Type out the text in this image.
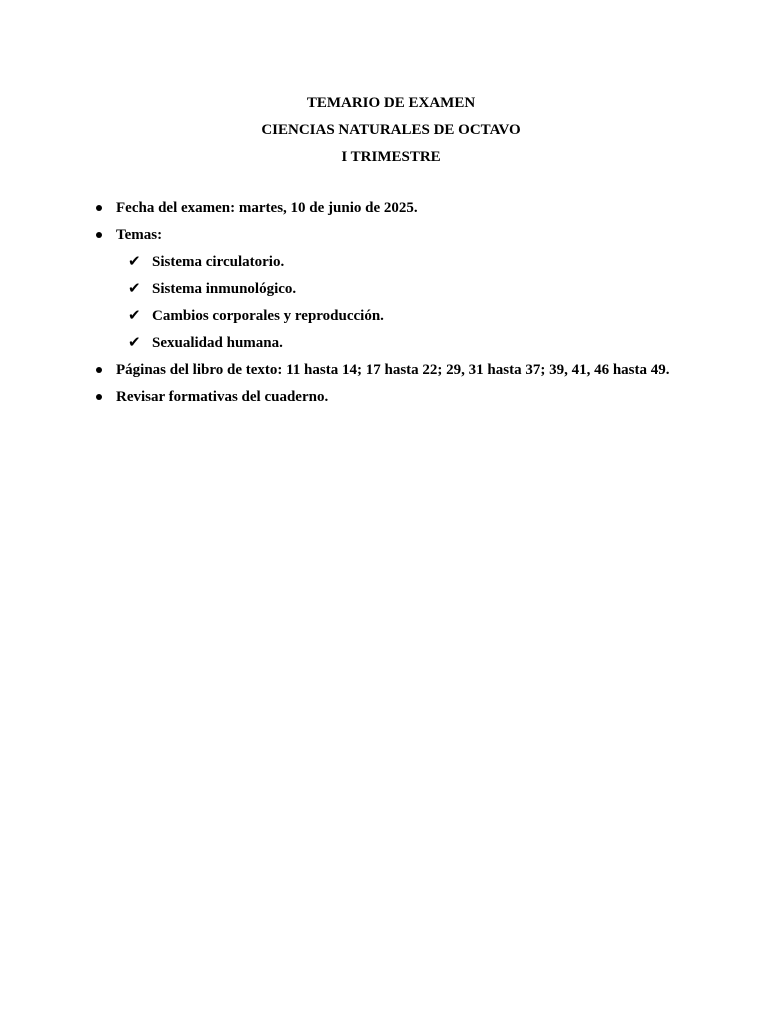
TEMARIO DE EXAMEN
CIENCIAS NATURALES DE OCTAVO
I TRIMESTRE
Fecha del examen: martes, 10 de junio de 2025.
Temas:
✔ Sistema circulatorio.
✔ Sistema inmunológico.
✔ Cambios corporales y reproducción.
✔ Sexualidad humana.
Páginas del libro de texto: 11 hasta 14; 17 hasta 22; 29, 31 hasta 37; 39, 41, 46 hasta 49.
Revisar formativas del cuaderno.
